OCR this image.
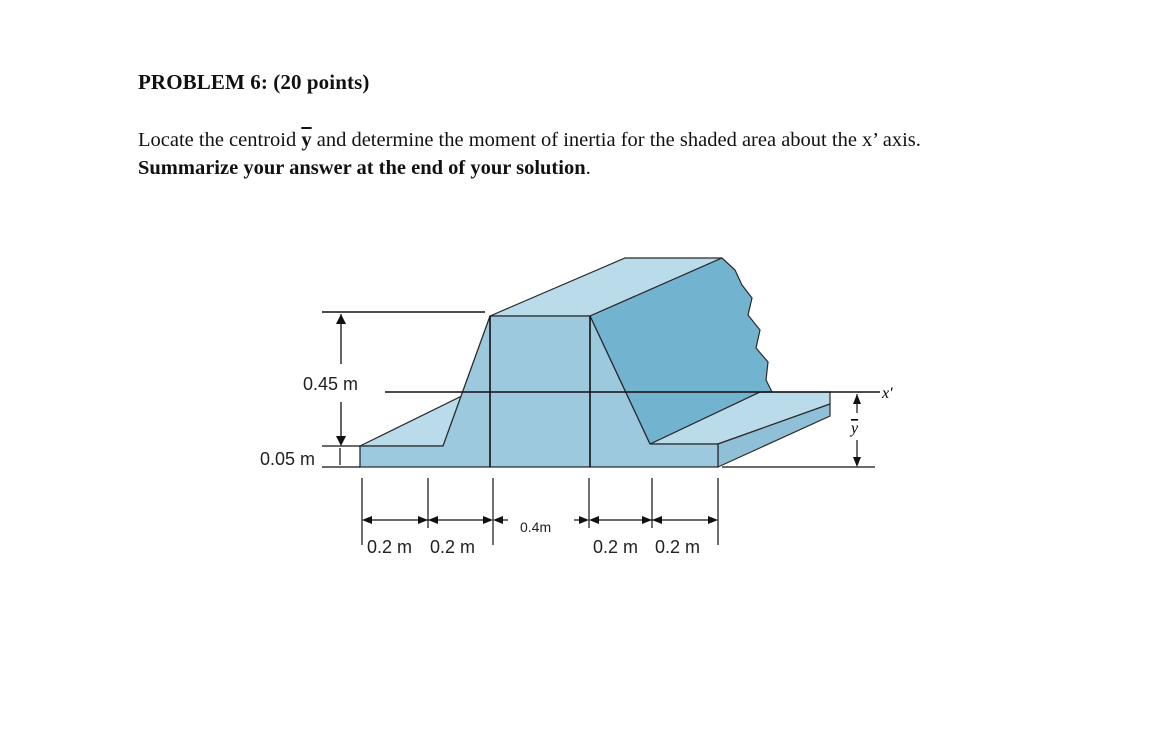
PROBLEM 6: (20 points)
Locate the centroid $\overline{y}$ and determine the moment of inertia for the shaded area about the x’ axis.
Summarize your answer at the end of your solution.
x′
0.45 m
0.05 m
y
0.2 m 0.2 m
0.4m
0.2 m 0.2 m
